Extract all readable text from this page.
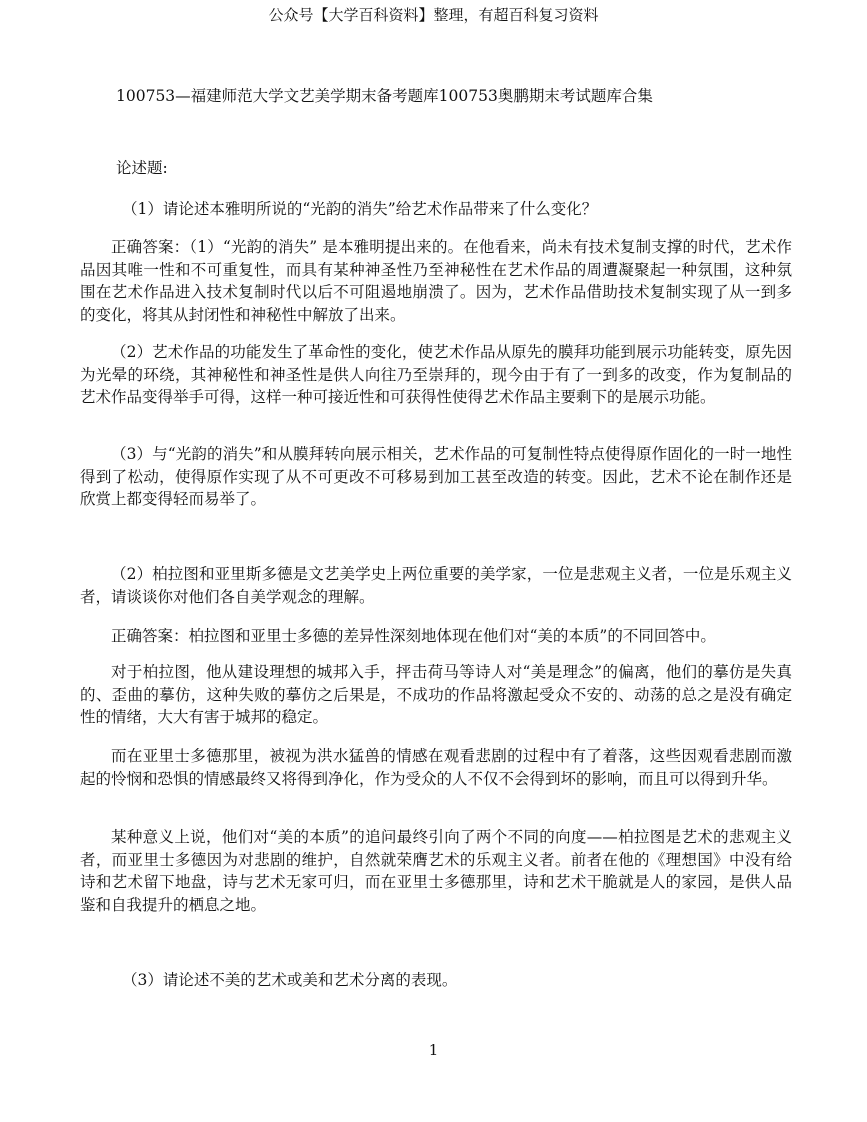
公众号【大学百科资料】整理，有超百科复习资料
100753—福建师范大学文艺美学期末备考题库100753奥鹏期末考试题库合集
论述题:
（1）请论述本雅明所说的“光韵的消失”给艺术作品带来了什么变化？

正确答案：（1）“光韵的消失” 是本雅明提出来的。在他看来，尚未有技术复制支撑的时代，艺术作品因其唯一性和不可重复性，而具有某种神圣性乃至神秘性在艺术作品的周遭凝聚起一种氛围，这种氛围在艺术作品进入技术复制时代以后不可阻遏地崩溃了。因为，艺术作品借助技术复制实现了从一到多的变化，将其从封闭性和神秘性中解放了出来。

（2）艺术作品的功能发生了革命性的变化，使艺术作品从原先的膜拜功能到展示功能转变，原先因为光晕的环绕，其神秘性和神圣性是供人向往乃至崇拜的，现今由于有了一到多的改变，作为复制品的艺术作品变得举手可得，这样一种可接近性和可获得性使得艺术作品主要剩下的是展示功能。

（3）与“光韵的消失”和从膜拜转向展示相关，艺术作品的可复制性特点使得原作固化的一时一地性得到了松动，使得原作实现了从不可更改不可移易到加工甚至改造的转变。因此，艺术不论在制作还是欣赏上都变得轻而易举了。

（2）柏拉图和亚里斯多德是文艺美学史上两位重要的美学家，一位是悲观主义者，一位是乐观主义者，请谈谈你对他们各自美学观念的理解。

正确答案：柏拉图和亚里士多德的差异性深刻地体现在他们对“美的本质”的不同回答中。

对于柏拉图，他从建设理想的城邦入手，抨击荷马等诗人对“美是理念”的偏离，他们的摹仿是失真的、歪曲的摹仿，这种失败的摹仿之后果是，不成功的作品将激起受众不安的、动荡的总之是没有确定性的情绪，大大有害于城邦的稳定。

而在亚里士多德那里，被视为洪水猛兽的情感在观看悲剧的过程中有了着落，这些因观看悲剧而激起的怜悯和恐惧的情感最终又将得到净化，作为受众的人不仅不会得到坏的影响，而且可以得到升华。

某种意义上说，他们对“美的本质”的追问最终引向了两个不同的向度——柏拉图是艺术的悲观主义者，而亚里士多德因为对悲剧的维护，自然就荣膺艺术的乐观主义者。前者在他的《理想国》中没有给诗和艺术留下地盘，诗与艺术无家可归，而在亚里士多德那里，诗和艺术干脆就是人的家园，是供人品鉴和自我提升的栖息之地。

（3）请论述不美的艺术或美和艺术分离的表现。
1
